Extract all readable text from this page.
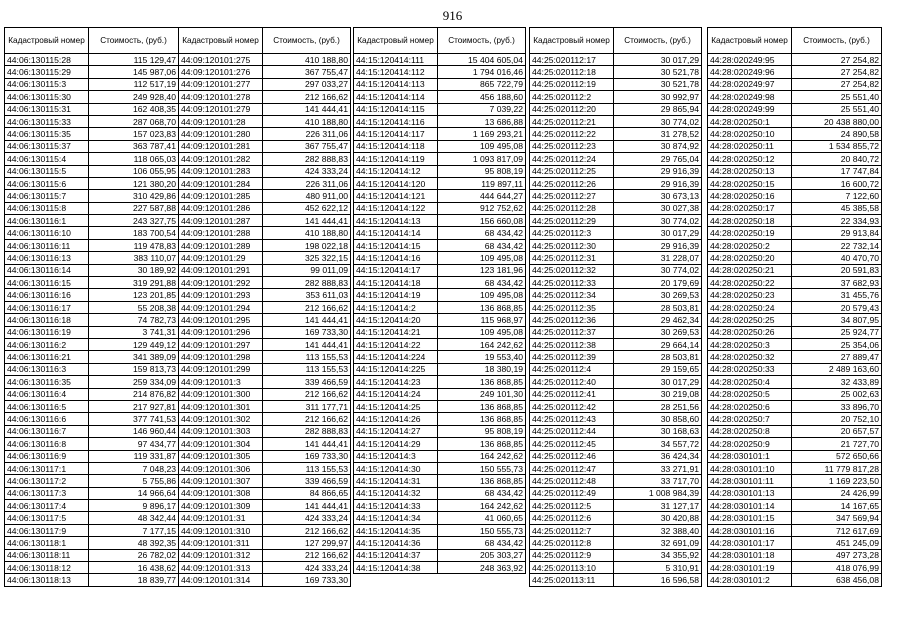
916
Кадастровый номер	Стоимость, (руб.)
44:06:130115:28	115 129,47
44:06:130115:29	145 987,06
44:06:130115:3	112 517,19
44:06:130115:30	249 928,40
44:06:130115:31	162 408,35
44:06:130115:33	287 068,70
44:06:130115:35	157 023,83
44:06:130115:37	363 787,41
44:06:130115:4	118 065,03
44:06:130115:5	106 055,95
44:06:130115:6	121 380,20
44:06:130115:7	310 429,86
44:06:130115:8	227 587,88
44:06:130116:1	243 327,75
44:06:130116:10	183 700,54
44:06:130116:11	119 478,83
44:06:130116:13	383 110,07
44:06:130116:14	30 189,92
44:06:130116:15	319 291,88
44:06:130116:16	123 201,85
44:06:130116:17	55 208,38
44:06:130116:18	74 782,73
44:06:130116:19	3 741,31
44:06:130116:2	129 449,12
44:06:130116:21	341 389,09
44:06:130116:3	159 813,73
44:06:130116:35	259 334,09
44:06:130116:4	214 876,82
44:06:130116:5	217 927,81
44:06:130116:6	377 741,53
44:06:130116:7	146 960,44
44:06:130116:8	97 434,77
44:06:130116:9	119 331,87
44:06:130117:1	7 048,23
44:06:130117:2	5 755,86
44:06:130117:3	14 966,64
44:06:130117:4	9 896,17
44:06:130117:5	48 342,44
44:06:130117:9	7 177,15
44:06:130118:1	48 392,35
44:06:130118:11	26 782,02
44:06:130118:12	16 438,62
44:06:130118:13	18 839,77
Кадастровый номер	Стоимость, (руб.)
44:09:120101:275	410 188,80
44:09:120101:276	367 755,47
44:09:120101:277	297 033,27
44:09:120101:278	212 166,62
44:09:120101:279	141 444,41
44:09:120101:28	410 188,80
44:09:120101:280	226 311,06
44:09:120101:281	367 755,47
44:09:120101:282	282 888,83
44:09:120101:283	424 333,24
44:09:120101:284	226 311,06
44:09:120101:285	480 911,00
44:09:120101:286	452 622,12
44:09:120101:287	141 444,41
44:09:120101:288	410 188,80
44:09:120101:289	198 022,18
44:09:120101:29	325 322,15
44:09:120101:291	99 011,09
44:09:120101:292	282 888,83
44:09:120101:293	353 611,03
44:09:120101:294	212 166,62
44:09:120101:295	141 444,41
44:09:120101:296	169 733,30
44:09:120101:297	141 444,41
44:09:120101:298	113 155,53
44:09:120101:299	113 155,53
44:09:120101:3	339 466,59
44:09:120101:300	212 166,62
44:09:120101:301	311 177,71
44:09:120101:302	212 166,62
44:09:120101:303	282 888,83
44:09:120101:304	141 444,41
44:09:120101:305	169 733,30
44:09:120101:306	113 155,53
44:09:120101:307	339 466,59
44:09:120101:308	84 866,65
44:09:120101:309	141 444,41
44:09:120101:31	424 333,24
44:09:120101:310	212 166,62
44:09:120101:311	127 299,97
44:09:120101:312	212 166,62
44:09:120101:313	424 333,24
44:09:120101:314	169 733,30
Кадастровый номер	Стоимость, (руб.)
44:15:120414:111	15 404 605,04
44:15:120414:112	1 794 016,46
44:15:120414:113	865 722,79
44:15:120414:114	456 188,60
44:15:120414:115	7 039,22
44:15:120414:116	13 686,88
44:15:120414:117	1 169 293,21
44:15:120414:118	109 495,08
44:15:120414:119	1 093 817,09
44:15:120414:12	95 808,19
44:15:120414:120	119 897,11
44:15:120414:121	444 644,27
44:15:120414:122	912 752,62
44:15:120414:13	156 660,08
44:15:120414:14	68 434,42
44:15:120414:15	68 434,42
44:15:120414:16	109 495,08
44:15:120414:17	123 181,96
44:15:120414:18	68 434,42
44:15:120414:19	109 495,08
44:15:120414:2	136 868,85
44:15:120414:20	115 968,97
44:15:120414:21	109 495,08
44:15:120414:22	164 242,62
44:15:120414:224	19 553,40
44:15:120414:225	18 380,19
44:15:120414:23	136 868,85
44:15:120414:24	249 101,30
44:15:120414:25	136 868,85
44:15:120414:26	136 868,85
44:15:120414:27	95 808,19
44:15:120414:29	136 868,85
44:15:120414:3	164 242,62
44:15:120414:30	150 555,73
44:15:120414:31	136 868,85
44:15:120414:32	68 434,42
44:15:120414:33	164 242,62
44:15:120414:34	41 060,65
44:15:120414:35	150 555,73
44:15:120414:36	68 434,42
44:15:120414:37	205 303,27
44:15:120414:38	248 363,92
Кадастровый номер	Стоимость, (руб.)
44:25:020112:17	30 017,29
44:25:020112:18	30 521,78
44:25:020112:19	30 521,78
44:25:020112:2	30 992,97
44:25:020112:20	29 865,94
44:25:020112:21	30 774,02
44:25:020112:22	31 278,52
44:25:020112:23	30 874,92
44:25:020112:24	29 765,04
44:25:020112:25	29 916,39
44:25:020112:26	29 916,39
44:25:020112:27	30 673,13
44:25:020112:28	30 027,38
44:25:020112:29	30 774,02
44:25:020112:3	30 017,29
44:25:020112:30	29 916,39
44:25:020112:31	31 228,07
44:25:020112:32	30 774,02
44:25:020112:33	20 179,69
44:25:020112:34	30 269,53
44:25:020112:35	28 503,81
44:25:020112:36	29 462,34
44:25:020112:37	30 269,53
44:25:020112:38	29 664,14
44:25:020112:39	28 503,81
44:25:020112:4	29 159,65
44:25:020112:40	30 017,29
44:25:020112:41	30 219,08
44:25:020112:42	28 251,56
44:25:020112:43	30 858,60
44:25:020112:44	30 168,63
44:25:020112:45	34 557,72
44:25:020112:46	36 424,34
44:25:020112:47	33 271,91
44:25:020112:48	33 717,70
44:25:020112:49	1 008 984,39
44:25:020112:5	31 127,17
44:25:020112:6	30 420,88
44:25:020112:7	32 388,40
44:25:020112:8	32 691,09
44:25:020112:9	34 355,92
44:25:020113:10	5 310,91
44:25:020113:11	16 596,58
Кадастровый номер	Стоимость, (руб.)
44:28:020249:95	27 254,82
44:28:020249:96	27 254,82
44:28:020249:97	27 254,82
44:28:020249:98	25 551,40
44:28:020249:99	25 551,40
44:28:020250:1	20 438 880,00
44:28:020250:10	24 890,58
44:28:020250:11	1 534 855,72
44:28:020250:12	20 840,72
44:28:020250:13	17 747,84
44:28:020250:15	16 600,72
44:28:020250:16	7 122,60
44:28:020250:17	45 385,58
44:28:020250:18	22 334,93
44:28:020250:19	29 913,84
44:28:020250:2	22 732,14
44:28:020250:20	40 470,70
44:28:020250:21	20 591,83
44:28:020250:22	37 682,93
44:28:020250:23	31 455,76
44:28:020250:24	20 579,43
44:28:020250:25	34 807,95
44:28:020250:26	25 924,77
44:28:020250:3	25 354,06
44:28:020250:32	27 889,47
44:28:020250:33	2 489 163,60
44:28:020250:4	32 433,89
44:28:020250:5	25 002,63
44:28:020250:6	33 896,70
44:28:020250:7	20 752,10
44:28:020250:8	20 657,57
44:28:020250:9	21 727,70
44:28:030101:1	572 650,66
44:28:030101:10	11 779 817,28
44:28:030101:11	1 169 223,50
44:28:030101:13	24 426,99
44:28:030101:14	14 167,65
44:28:030101:15	347 569,94
44:28:030101:16	712 617,69
44:28:030101:17	451 245,09
44:28:030101:18	497 273,28
44:28:030101:19	418 076,99
44:28:030101:2	638 456,08
